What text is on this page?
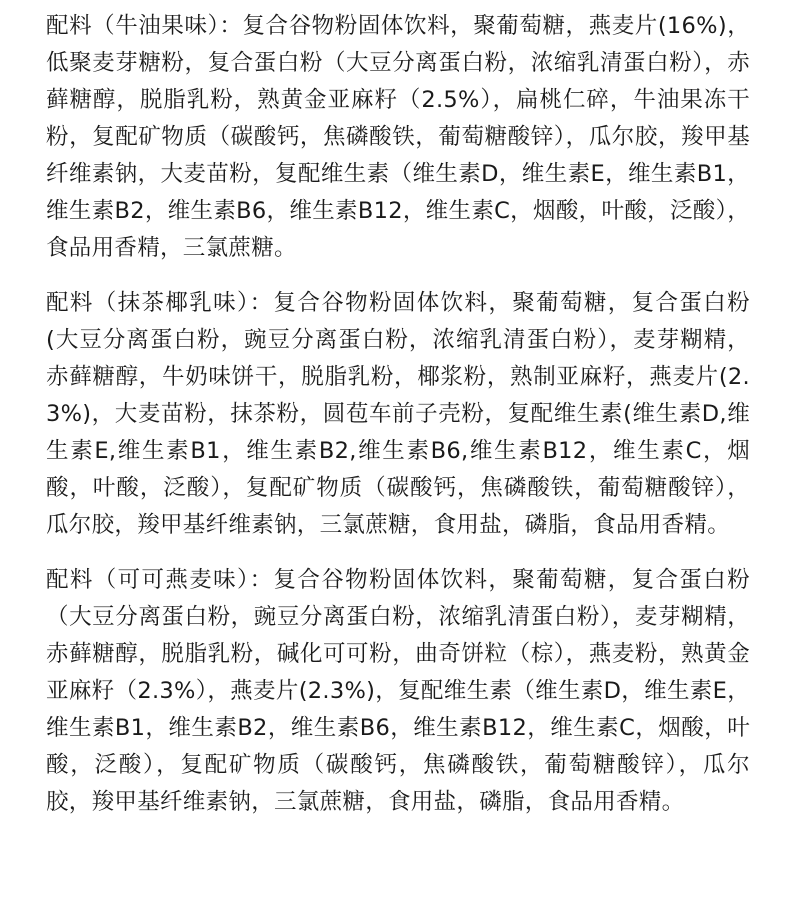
配料（牛油果味）：复合谷物粉固体饮料，聚葡萄糖，燕麦片(16%)，低聚麦芽糖粉，复合蛋白粉（大豆分离蛋白粉，浓缩乳清蛋白粉），赤藓糖醇，脱脂乳粉，熟黄金亚麻籽（2.5%），扁桃仁碎，牛油果冻干粉，复配矿物质（碳酸钙，焦磷酸铁，葡萄糖酸锌），瓜尔胶，羧甲基纤维素钠，大麦苗粉，复配维生素（维生素D，维生素E，维生素B1，维生素B2，维生素B6，维生素B12，维生素C，烟酸，叶酸，泛酸），食品用香精，三氯蔗糖。

配料（抹茶椰乳味）：复合谷物粉固体饮料，聚葡萄糖，复合蛋白粉(大豆分离蛋白粉，豌豆分离蛋白粉，浓缩乳清蛋白粉），麦芽糊精，赤藓糖醇，牛奶味饼干，脱脂乳粉，椰浆粉，熟制亚麻籽，燕麦片(2.3%)，大麦苗粉，抹茶粉，圆苞车前子壳粉，复配维生素(维生素D,维生素E,维生素B1，维生素B2,维生素B6,维生素B12，维生素C，烟酸，叶酸，泛酸），复配矿物质（碳酸钙，焦磷酸铁，葡萄糖酸锌），瓜尔胶，羧甲基纤维素钠，三氯蔗糖，食用盐，磷脂，食品用香精。

配料（可可燕麦味）：复合谷物粉固体饮料，聚葡萄糖，复合蛋白粉（大豆分离蛋白粉，豌豆分离蛋白粉，浓缩乳清蛋白粉），麦芽糊精，赤藓糖醇，脱脂乳粉，碱化可可粉，曲奇饼粒（棕），燕麦粉，熟黄金亚麻籽（2.3%），燕麦片(2.3%)，复配维生素（维生素D，维生素E，维生素B1，维生素B2，维生素B6，维生素B12，维生素C，烟酸，叶酸，泛酸），复配矿物质（碳酸钙，焦磷酸铁，葡萄糖酸锌），瓜尔胶，羧甲基纤维素钠，三氯蔗糖，食用盐，磷脂，食品用香精。
